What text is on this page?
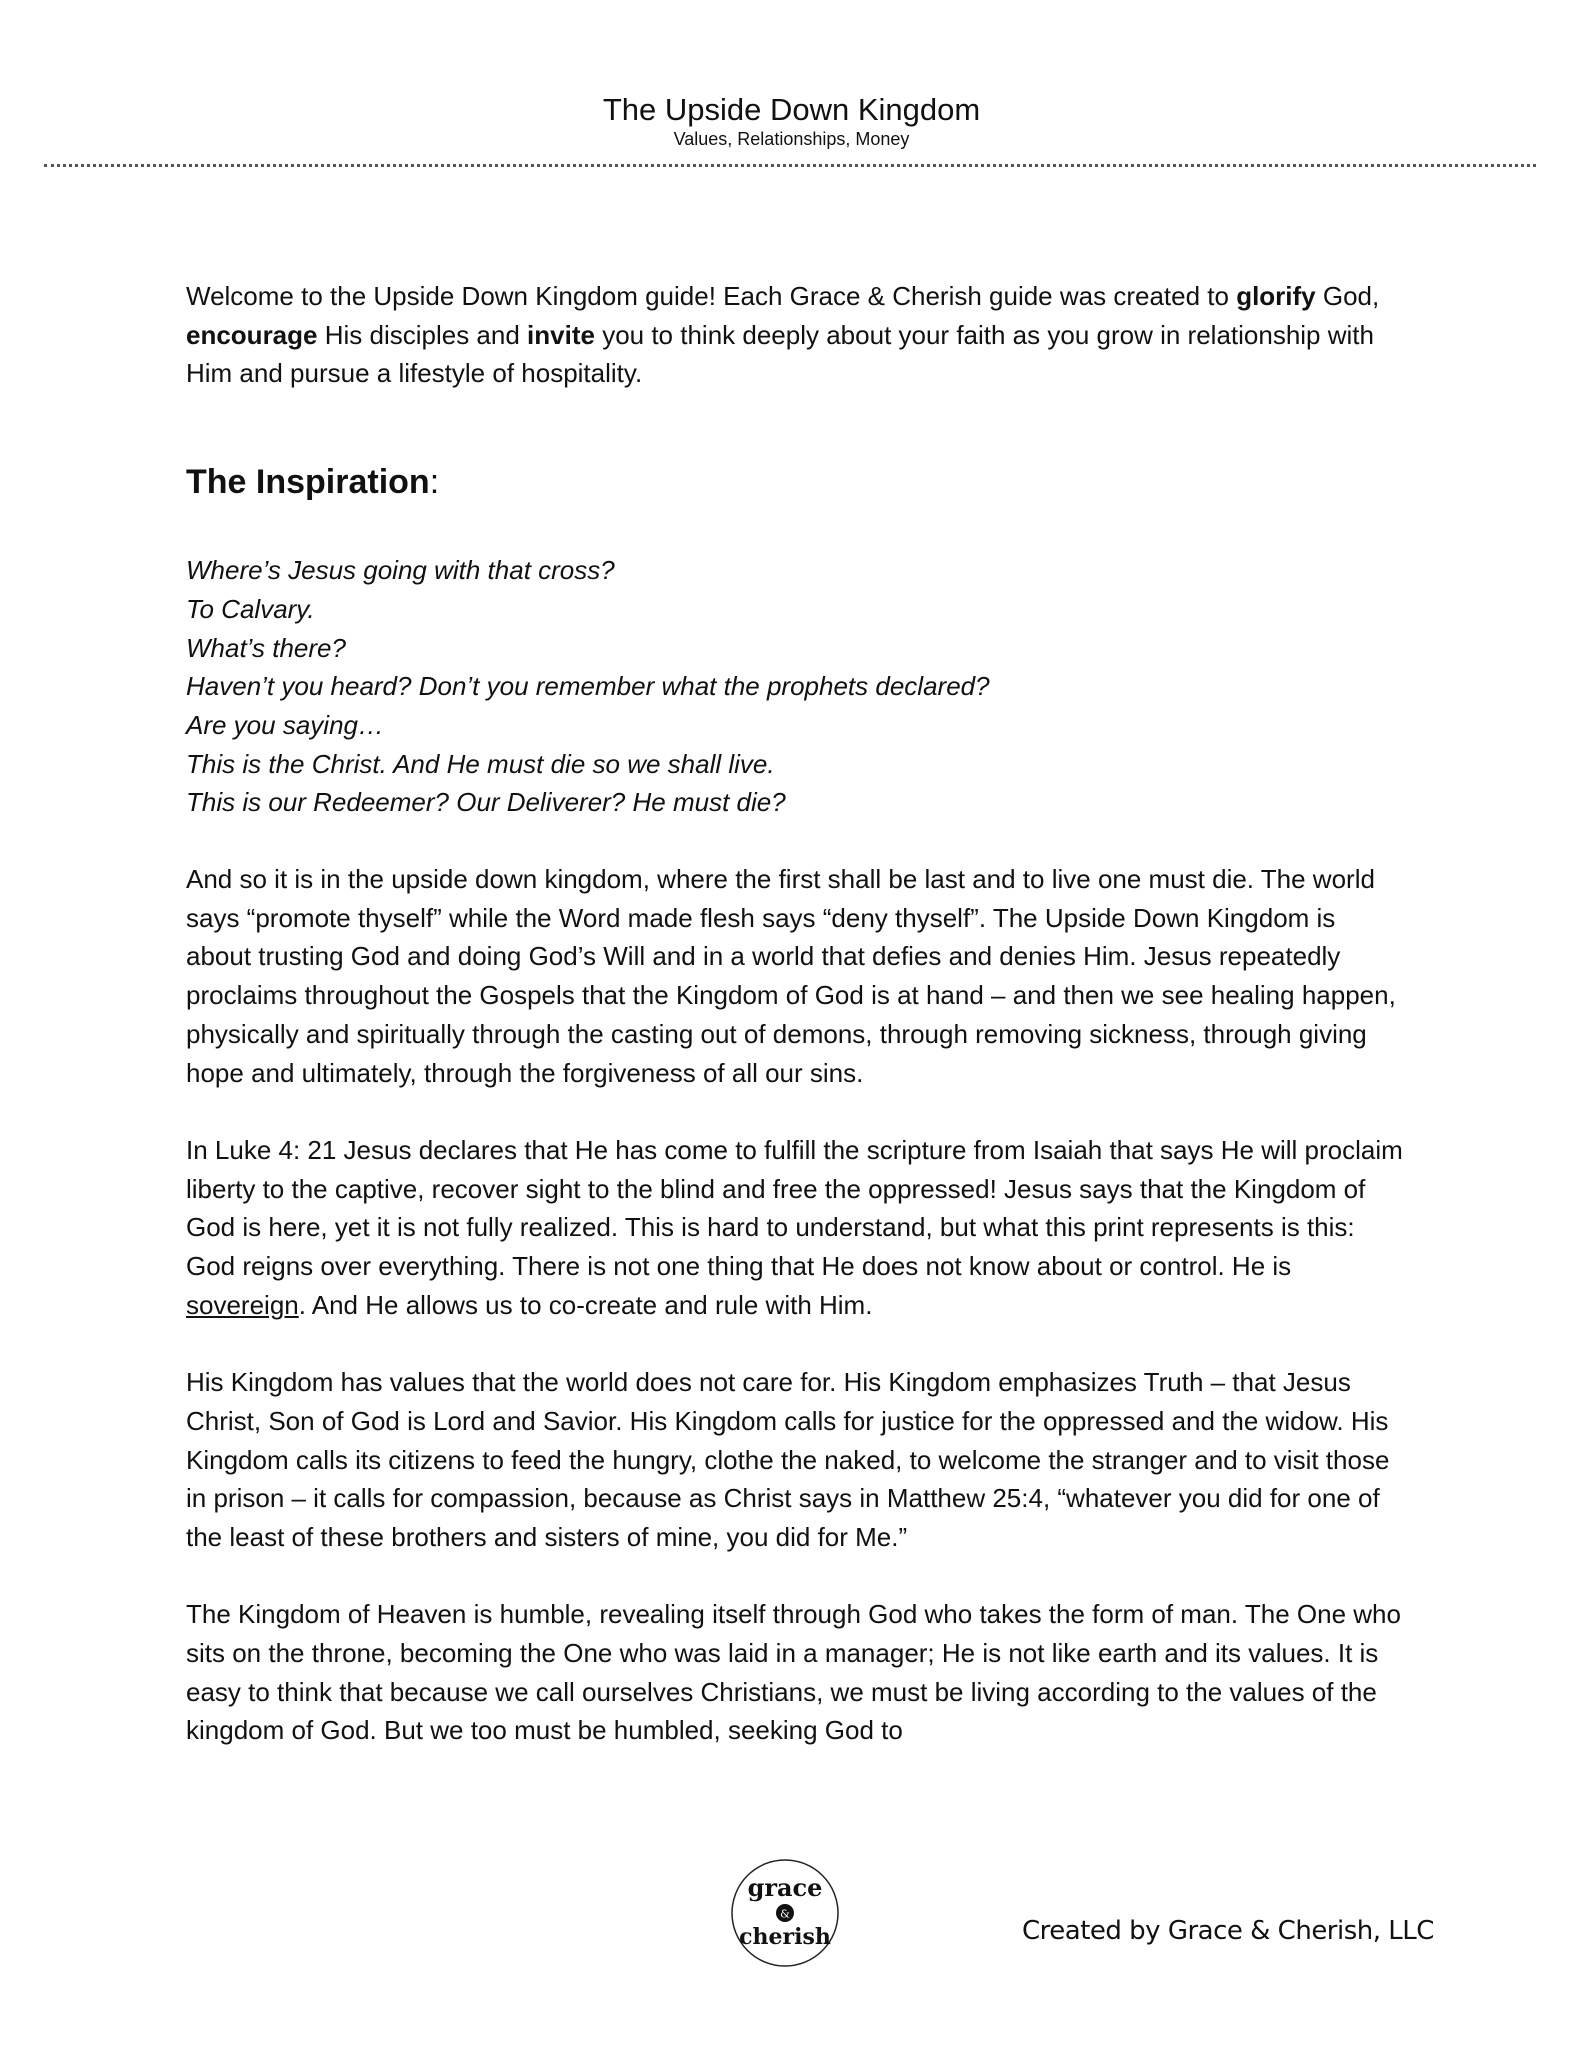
The Upside Down Kingdom

Values, Relationships, Money

Welcome to the Upside Down Kingdom guide! Each Grace & Cherish guide was created to glorify God, encourage His disciples and invite you to think deeply about your faith as you grow in relationship with Him and pursue a lifestyle of hospitality.

The Inspiration:

Where’s Jesus going with that cross?
To Calvary.
What’s there?
Haven’t you heard? Don’t you remember what the prophets declared?
Are you saying…
This is the Christ. And He must die so we shall live.
This is our Redeemer? Our Deliverer? He must die?

And so it is in the upside down kingdom, where the first shall be last and to live one must die. The world says “promote thyself” while the Word made flesh says “deny thyself”. The Upside Down Kingdom is about trusting God and doing God’s Will and in a world that defies and denies Him. Jesus repeatedly proclaims throughout the Gospels that the Kingdom of God is at hand – and then we see healing happen, physically and spiritually through the casting out of demons, through removing sickness, through giving hope and ultimately, through the forgiveness of all our sins.

In Luke 4: 21 Jesus declares that He has come to fulfill the scripture from Isaiah that says He will proclaim liberty to the captive, recover sight to the blind and free the oppressed! Jesus says that the Kingdom of God is here, yet it is not fully realized. This is hard to understand, but what this print represents is this: God reigns over everything. There is not one thing that He does not know about or control. He is sovereign. And He allows us to co-create and rule with Him.

His Kingdom has values that the world does not care for. His Kingdom emphasizes Truth – that Jesus Christ, Son of God is Lord and Savior. His Kingdom calls for justice for the oppressed and the widow. His Kingdom calls its citizens to feed the hungry, clothe the naked, to welcome the stranger and to visit those in prison – it calls for compassion, because as Christ says in Matthew 25:4, “whatever you did for one of the least of these brothers and sisters of mine, you did for Me.”

The Kingdom of Heaven is humble, revealing itself through God who takes the form of man. The One who sits on the throne, becoming the One who was laid in a manager; He is not like earth and its values. It is easy to think that because we call ourselves Christians, we must be living according to the values of the kingdom of God. But we too must be humbled, seeking God to

grace
&
cherish	Created by Grace & Cherish, LLC
